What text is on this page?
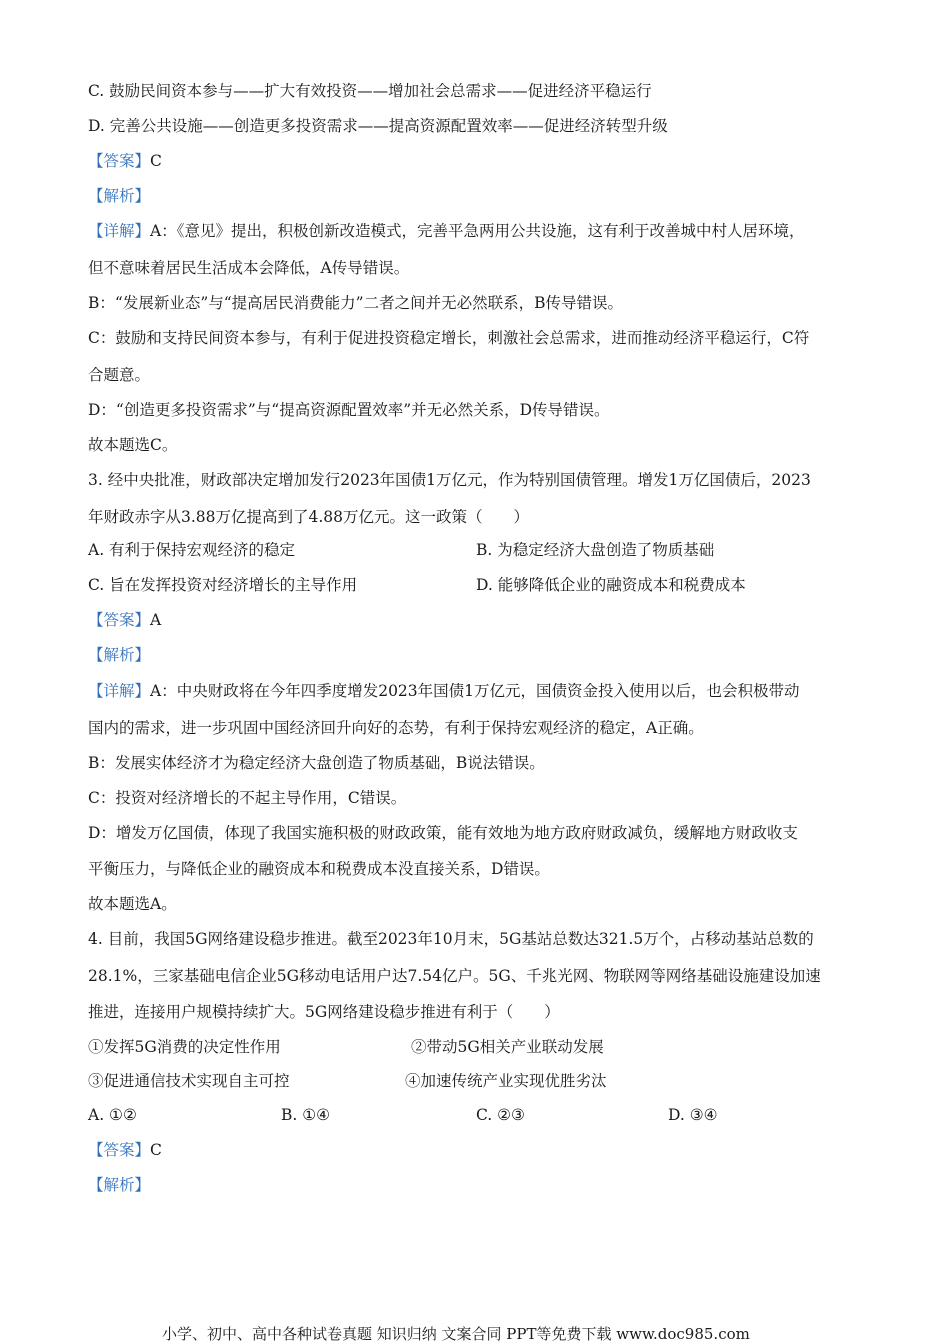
C. 鼓励民间资本参与——扩大有效投资——增加社会总需求——促进经济平稳运行
D. 完善公共设施——创造更多投资需求——提高资源配置效率——促进经济转型升级
【答案】C
【解析】
【详解】A：《意见》提出，积极创新改造模式，完善平急两用公共设施，这有利于改善城中村人居环境，
但不意味着居民生活成本会降低，A传导错误。
B：“发展新业态”与“提高居民消费能力”二者之间并无必然联系，B传导错误。
C：鼓励和支持民间资本参与，有利于促进投资稳定增长，刺激社会总需求，进而推动经济平稳运行，C符
合题意。
D：“创造更多投资需求”与“提高资源配置效率”并无必然关系，D传导错误。
故本题选C。
3. 经中央批准，财政部决定增加发行2023年国债1万亿元，作为特别国债管理。增发1万亿国债后，2023
年财政赤字从3.88万亿提高到了4.88万亿元。这一政策（　　）
A. 有利于保持宏观经济的稳定	B. 为稳定经济大盘创造了物质基础
C. 旨在发挥投资对经济增长的主导作用	D. 能够降低企业的融资成本和税费成本
【答案】A
【解析】
【详解】A：中央财政将在今年四季度增发2023年国债1万亿元，国债资金投入使用以后，也会积极带动
国内的需求，进一步巩固中国经济回升向好的态势，有利于保持宏观经济的稳定，A正确。
B：发展实体经济才为稳定经济大盘创造了物质基础，B说法错误。
C：投资对经济增长的不起主导作用，C错误。
D：增发万亿国债，体现了我国实施积极的财政政策，能有效地为地方政府财政减负，缓解地方财政收支
平衡压力，与降低企业的融资成本和税费成本没直接关系，D错误。
故本题选A。
4. 目前，我国5G网络建设稳步推进。截至2023年10月末，5G基站总数达321.5万个，占移动基站总数的
28.1%，三家基础电信企业5G移动电话用户达7.54亿户。5G、千兆光网、物联网等网络基础设施建设加速
推进，连接用户规模持续扩大。5G网络建设稳步推进有利于（　　）
①发挥5G消费的决定性作用	②带动5G相关产业联动发展
③促进通信技术实现自主可控	④加速传统产业实现优胜劣汰
A. ①②	B. ①④	C. ②③	D. ③④
【答案】C
【解析】
小学、初中、高中各种试卷真题 知识归纳 文案合同 PPT等免费下载 www.doc985.com
